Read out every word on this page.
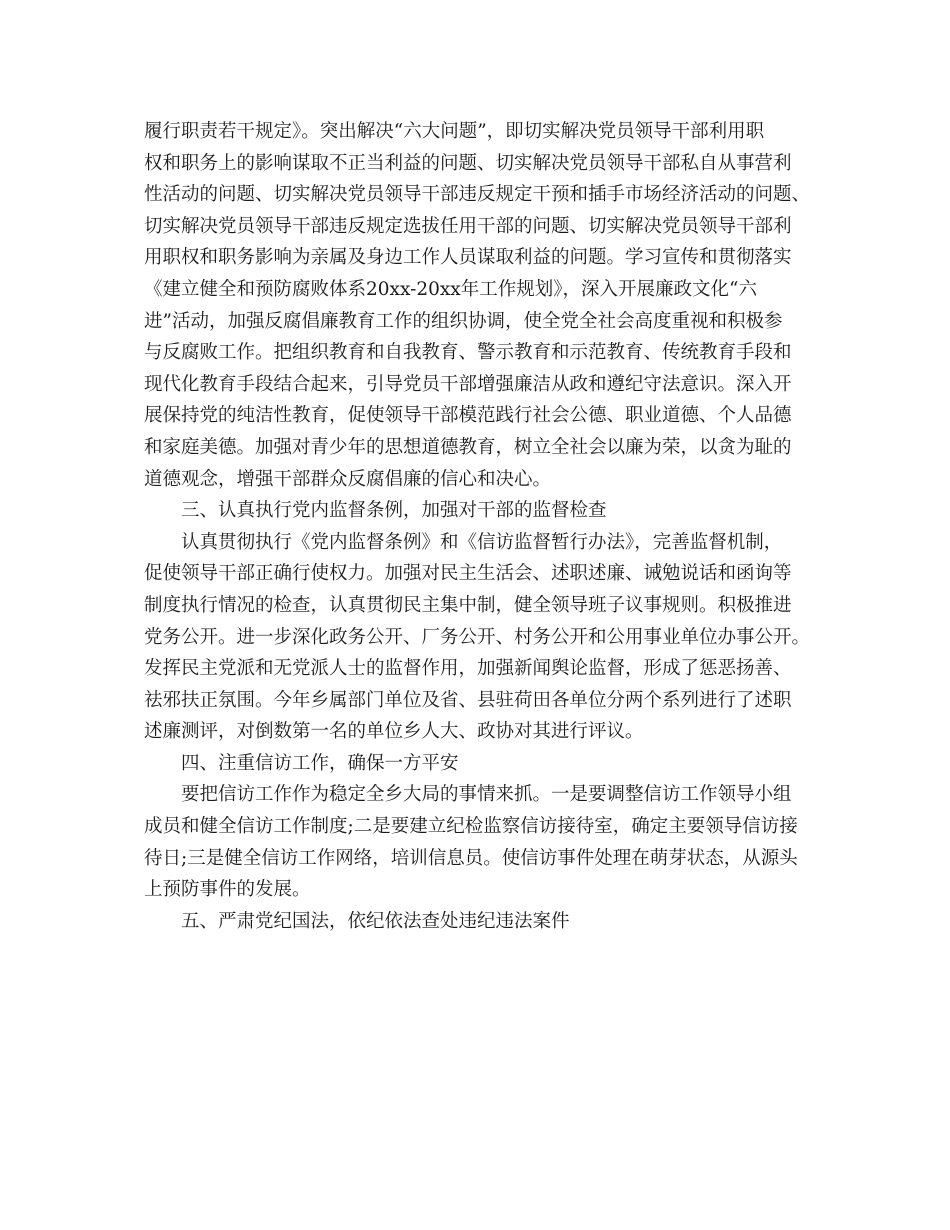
履行职责若干规定》。突出解决“六大问题”，即切实解决党员领导干部利用职
权和职务上的影响谋取不正当利益的问题、切实解决党员领导干部私自从事营利
性活动的问题、切实解决党员领导干部违反规定干预和插手市场经济活动的问题、
切实解决党员领导干部违反规定选拔任用干部的问题、切实解决党员领导干部利
用职权和职务影响为亲属及身边工作人员谋取利益的问题。学习宣传和贯彻落实
《建立健全和预防腐败体系20xx-20xx年工作规划》，深入开展廉政文化“六
进”活动，加强反腐倡廉教育工作的组织协调，使全党全社会高度重视和积极参
与反腐败工作。把组织教育和自我教育、警示教育和示范教育、传统教育手段和
现代化教育手段结合起来，引导党员干部增强廉洁从政和遵纪守法意识。深入开
展保持党的纯洁性教育，促使领导干部模范践行社会公德、职业道德、个人品德
和家庭美德。加强对青少年的思想道德教育，树立全社会以廉为荣，以贪为耻的
道德观念，增强干部群众反腐倡廉的信心和决心。
三、认真执行党内监督条例，加强对干部的监督检查
认真贯彻执行《党内监督条例》和《信访监督暂行办法》，完善监督机制，
促使领导干部正确行使权力。加强对民主生活会、述职述廉、诫勉说话和函询等
制度执行情况的检查，认真贯彻民主集中制，健全领导班子议事规则。积极推进
党务公开。进一步深化政务公开、厂务公开、村务公开和公用事业单位办事公开。
发挥民主党派和无党派人士的监督作用，加强新闻舆论监督，形成了惩恶扬善、
祛邪扶正氛围。今年乡属部门单位及省、县驻荷田各单位分两个系列进行了述职
述廉测评，对倒数第一名的单位乡人大、政协对其进行评议。
四、注重信访工作，确保一方平安
要把信访工作作为稳定全乡大局的事情来抓。一是要调整信访工作领导小组
成员和健全信访工作制度;二是要建立纪检监察信访接待室，确定主要领导信访接
待日;三是健全信访工作网络，培训信息员。使信访事件处理在萌芽状态，从源头
上预防事件的发展。
五、严肃党纪国法，依纪依法查处违纪违法案件
